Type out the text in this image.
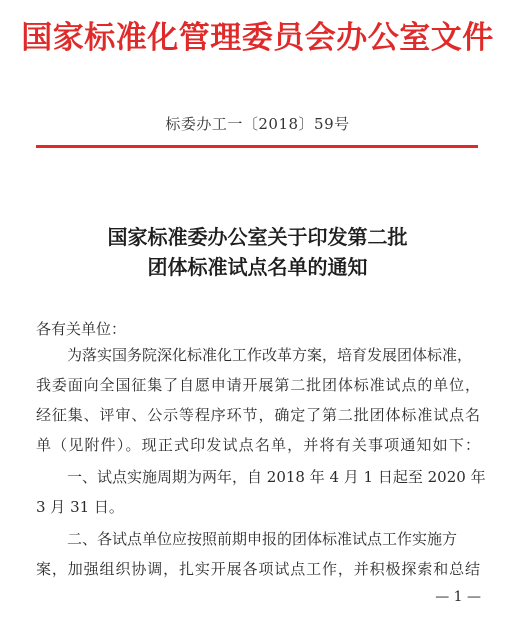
国家标准化管理委员会办公室文件
标委办工一〔2018〕59号
国家标准委办公室关于印发第二批
团体标准试点名单的通知
各有关单位：
为落实国务院深化标准化工作改革方案，培育发展团体标准，
我委面向全国征集了自愿申请开展第二批团体标准试点的单位，
经征集、评审、公示等程序环节，确定了第二批团体标准试点名
单（见附件）。现正式印发试点名单，并将有关事项通知如下：
一、试点实施周期为两年，自 2018 年 4 月 1 日起至 2020 年
3 月 31 日。
二、各试点单位应按照前期申报的团体标准试点工作实施方
案，加强组织协调，扎实开展各项试点工作，并积极探索和总结
— 1 —
